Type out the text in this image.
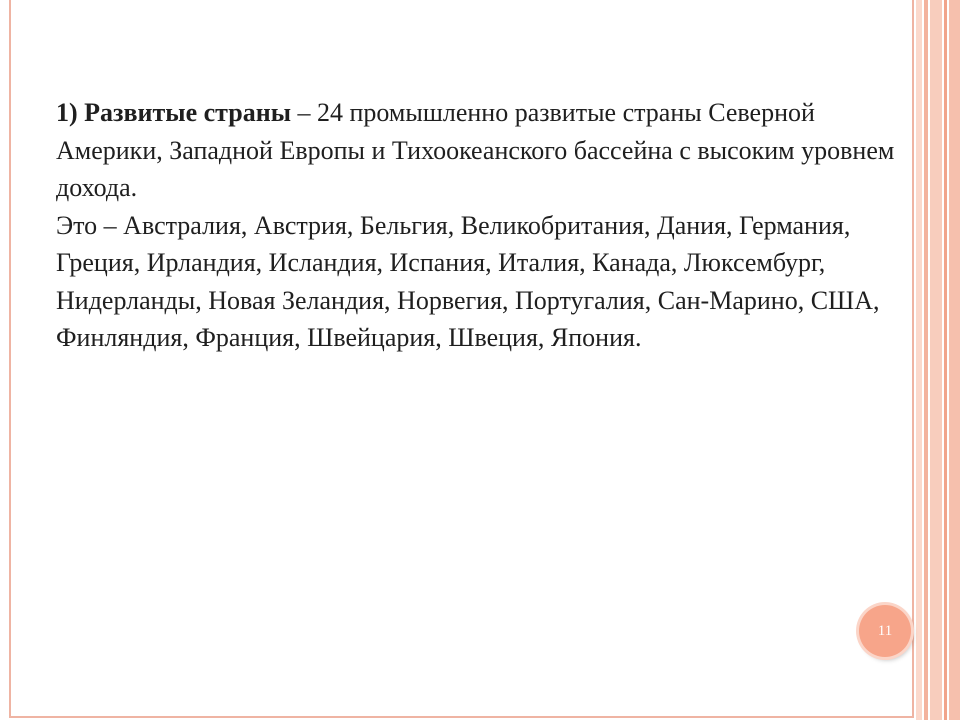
1) Развитые страны – 24 промышленно развитые страны Северной Америки, Западной Европы и Тихоокеанского бассейна с высоким уровнем дохода.

Это – Австралия, Австрия, Бельгия, Великобритания, Дания, Германия, Греция, Ирландия, Исландия, Испания, Италия, Канада, Люксембург, Нидерланды, Новая Зеландия, Норвегия, Португалия, Сан-Марино, США, Финляндия, Франция, Швейцария, Швеция, Япония.

11
